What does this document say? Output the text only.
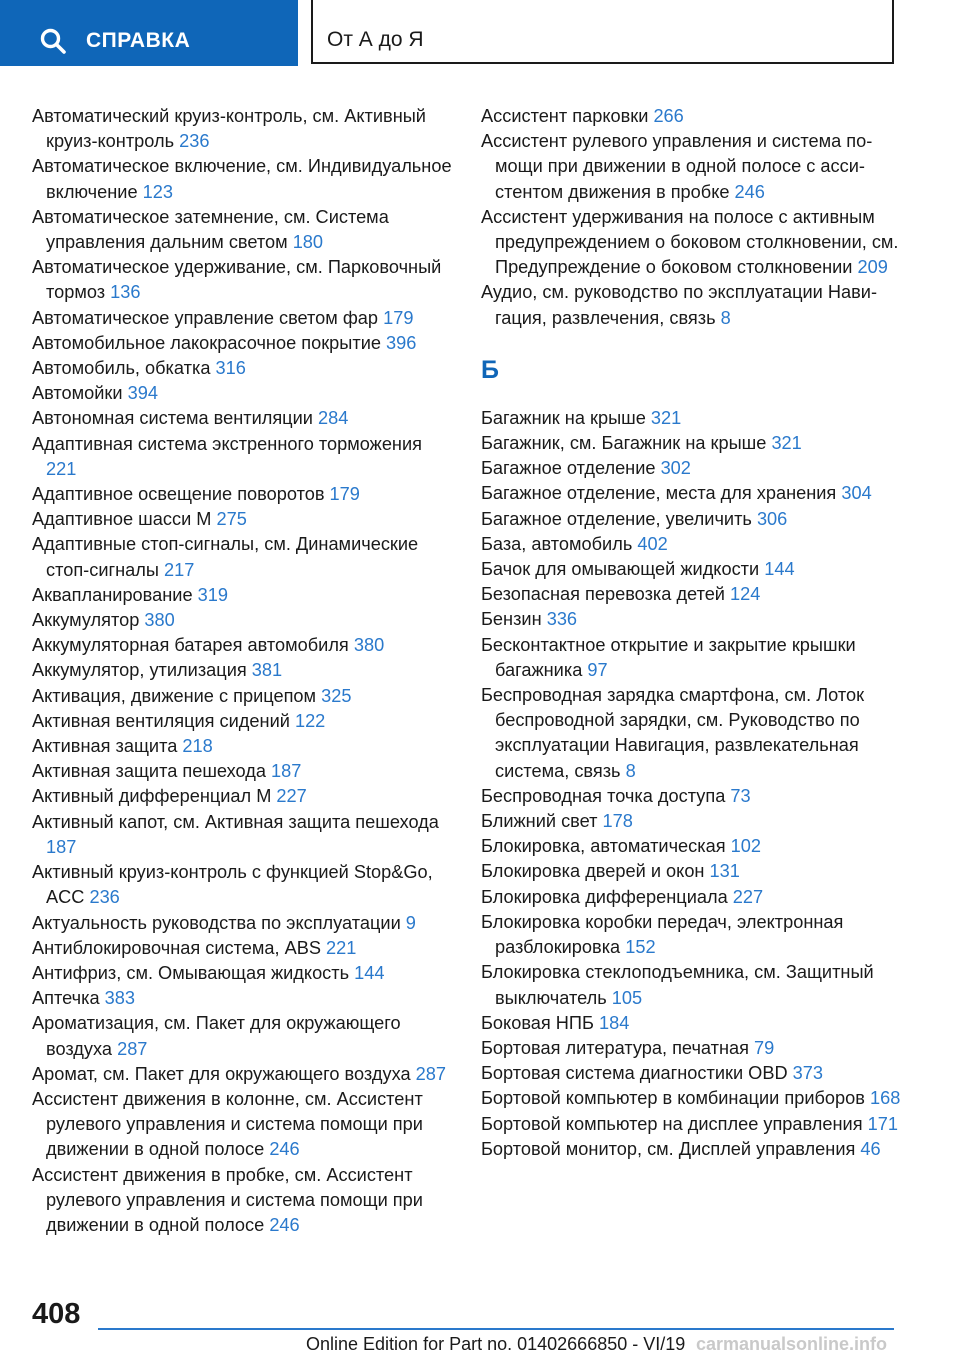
СПРАВКА	От А до Я

Автоматический круиз-контроль, см. Активный круиз-контроль 236

Автоматическое включение, см. Индивидуальное включение 123

Автоматическое затемнение, см. Система управления дальним светом 180

Автоматическое удерживание, см. Парковочный тормоз 136

Автоматическое управление светом фар 179

Автомобильное лакокрасочное покрытие 396

Автомобиль, обкатка 316

Автомойки 394

Автономная система вентиляции 284

Адаптивная система экстренного торможения 221

Адаптивное освещение поворотов 179

Адаптивное шасси M 275

Адаптивные стоп-сигналы, см. Динамические стоп-сигналы 217

Аквапланирование 319

Аккумулятор 380

Аккумуляторная батарея автомобиля 380

Аккумулятор, утилизация 381

Активация, движение с прицепом 325

Активная вентиляция сидений 122

Активная защита 218

Активная защита пешехода 187

Активный дифференциал M 227

Активный капот, см. Активная защита пешехода 187

Активный круиз-контроль с функцией Stop&Go, ACC 236

Актуальность руководства по эксплуатации 9

Антиблокировочная система, ABS 221

Антифриз, см. Омывающая жидкость 144

Аптечка 383

Ароматизация, см. Пакет для окружающего воздуха 287

Аромат, см. Пакет для окружающего воздуха 287

Ассистент движения в колонне, см. Ассистент рулевого управления и система помощи при движении в одной полосе 246

Ассистент движения в пробке, см. Ассистент рулевого управления и система помощи при движении в одной полосе 246

Ассистент парковки 266

Ассистент рулевого управления и система помощи при движении в одной полосе с ассистентом движения в пробке 246

Ассистент удерживания на полосе с активным предупреждением о боковом столкновении, см. Предупреждение о боковом столкновении 209

Аудио, см. руководство по эксплуатации Навигация, развлечения, связь 8

Б

Багажник на крыше 321

Багажник, см. Багажник на крыше 321

Багажное отделение 302

Багажное отделение, места для хранения 304

Багажное отделение, увеличить 306

База, автомобиль 402

Бачок для омывающей жидкости 144

Безопасная перевозка детей 124

Бензин 336

Бесконтактное открытие и закрытие крышки багажника 97

Беспроводная зарядка смартфона, см. Лоток беспроводной зарядки, см. Руководство по эксплуатации Навигация, развлекательная система, связь 8

Беспроводная точка доступа 73

Ближний свет 178

Блокировка, автоматическая 102

Блокировка дверей и окон 131

Блокировка дифференциала 227

Блокировка коробки передач, электронная разблокировка 152

Блокировка стеклоподъемника, см. Защитный выключатель 105

Боковая НПБ 184

Бортовая литература, печатная 79

Бортовая система диагностики OBD 373

Бортовой компьютер в комбинации приборов 168

Бортовой компьютер на дисплее управления 171

Бортовой монитор, см. Дисплей управления 46

408
Online Edition for Part no. 01402666850 - VI/19 carmanualsonline.info
